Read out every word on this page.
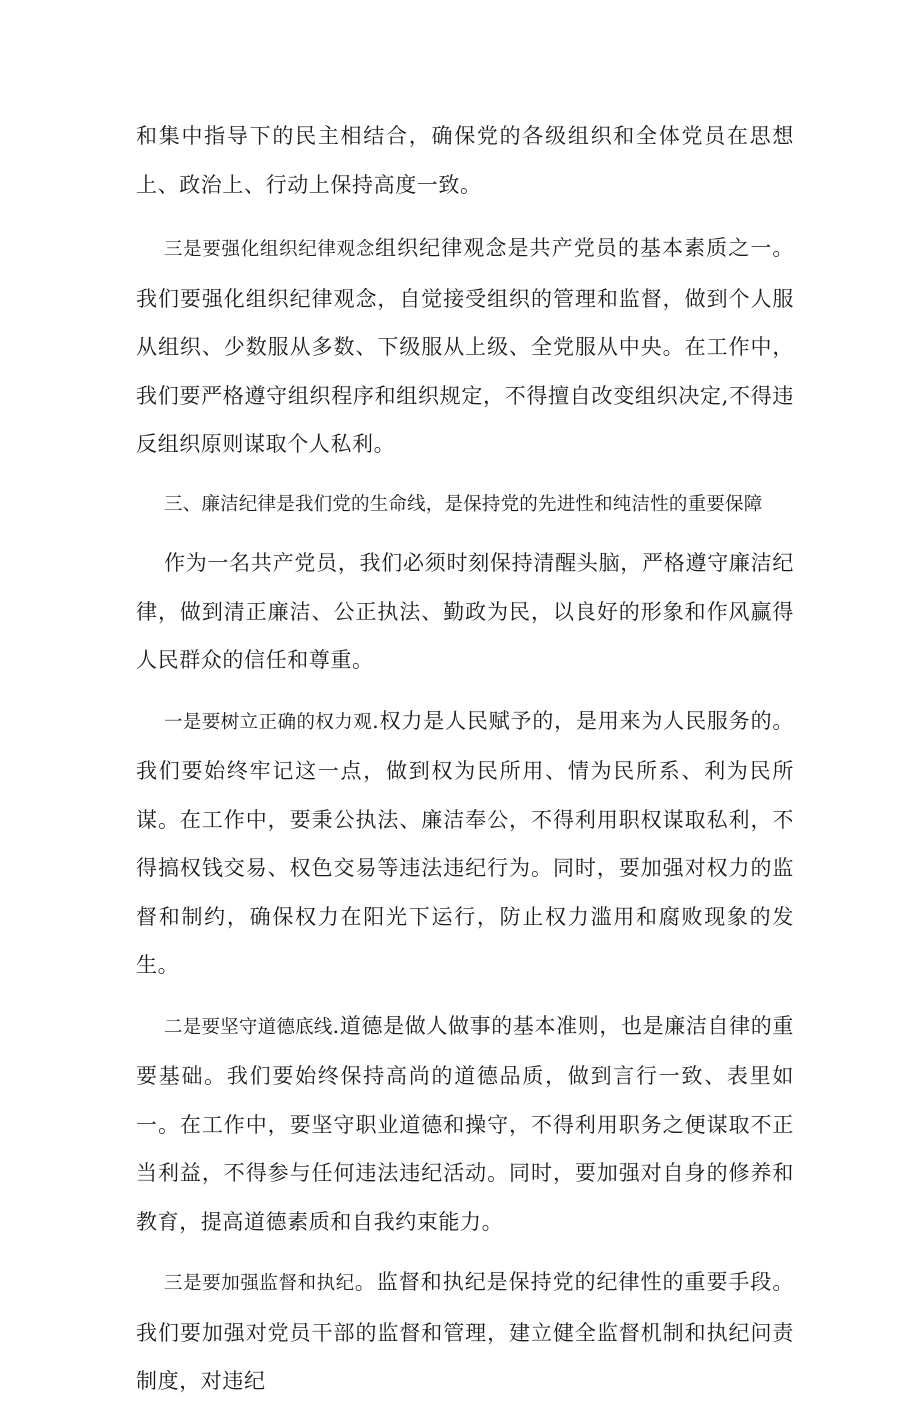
和集中指导下的民主相结合，确保党的各级组织和全体党员在思想上、政治上、行动上保持高度一致。

三是要强化组织纪律观念组织纪律观念是共产党员的基本素质之一。我们要强化组织纪律观念，自觉接受组织的管理和监督，做到个人服从组织、少数服从多数、下级服从上级、全党服从中央。在工作中，我们要严格遵守组织程序和组织规定，不得擅自改变组织决定,不得违反组织原则谋取个人私利。

三、廉洁纪律是我们党的生命线，是保持党的先进性和纯洁性的重要保障

作为一名共产党员，我们必须时刻保持清醒头脑，严格遵守廉洁纪律，做到清正廉洁、公正执法、勤政为民，以良好的形象和作风赢得人民群众的信任和尊重。

一是要树立正确的权力观.权力是人民赋予的，是用来为人民服务的。我们要始终牢记这一点，做到权为民所用、情为民所系、利为民所谋。在工作中，要秉公执法、廉洁奉公，不得利用职权谋取私利，不得搞权钱交易、权色交易等违法违纪行为。同时，要加强对权力的监督和制约，确保权力在阳光下运行，防止权力滥用和腐败现象的发生。

二是要坚守道德底线.道德是做人做事的基本准则，也是廉洁自律的重要基础。我们要始终保持高尚的道德品质，做到言行一致、表里如一。在工作中，要坚守职业道德和操守，不得利用职务之便谋取不正当利益，不得参与任何违法违纪活动。同时，要加强对自身的修养和教育，提高道德素质和自我约束能力。

三是要加强监督和执纪。监督和执纪是保持党的纪律性的重要手段。我们要加强对党员干部的监督和管理，建立健全监督机制和执纪问责制度，对违纪
